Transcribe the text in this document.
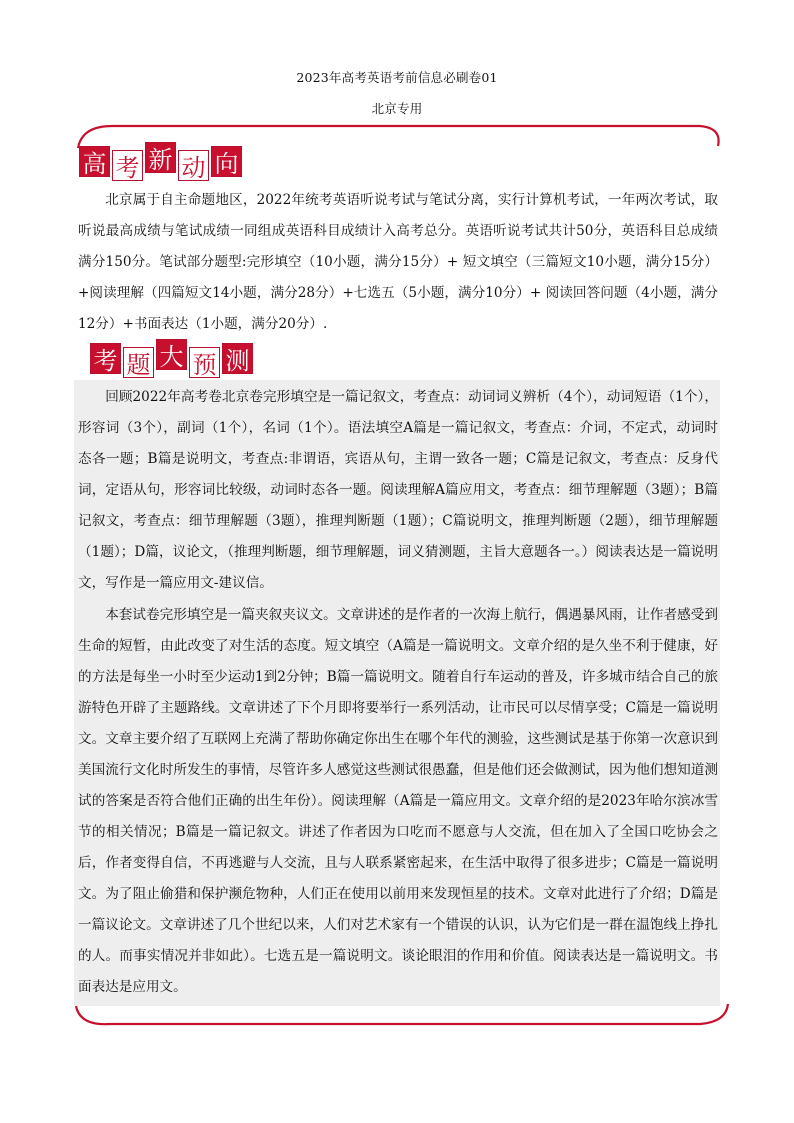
2023年高考英语考前信息必刷卷01
北京专用
高 考 新 动 向

北京属于自主命题地区，2022年统考英语听说考试与笔试分离，实行计算机考试，一年两次考试，取听说最高成绩与笔试成绩一同组成英语科目成绩计入高考总分。英语听说考试共计50分，英语科目总成绩满分150分。笔试部分题型:完形填空（10小题，满分15分）+ 短文填空（三篇短文10小题，满分15分）+阅读理解（四篇短文14小题，满分28分）+七选五（5小题，满分10分）+ 阅读回答问题（4小题，满分12分）+书面表达（1小题，满分20分）.

考 题 大 预 测

回顾2022年高考卷北京卷完形填空是一篇记叙文，考查点：动词词义辨析（4个），动词短语（1个），形容词（3个），副词（1个），名词（1个）。语法填空A篇是一篇记叙文，考查点：介词，不定式，动词时态各一题；B篇是说明文，考查点:非谓语，宾语从句，主谓一致各一题；C篇是记叙文，考查点：反身代词，定语从句，形容词比较级，动词时态各一题。阅读理解A篇应用文，考查点：细节理解题（3题）；B篇记叙文，考查点：细节理解题（3题），推理判断题（1题）；C篇说明文，推理判断题（2题），细节理解题（1题）；D篇，议论文，（推理判断题，细节理解题，词义猜测题，主旨大意题各一。）阅读表达是一篇说明文，写作是一篇应用文-建议信。

本套试卷完形填空是一篇夹叙夹议文。文章讲述的是作者的一次海上航行，偶遇暴风雨，让作者感受到生命的短暂，由此改变了对生活的态度。短文填空（A篇是一篇说明文。文章介绍的是久坐不利于健康，好的方法是每坐一小时至少运动1到2分钟；B篇一篇说明文。随着自行车运动的普及，许多城市结合自己的旅游特色开辟了主题路线。文章讲述了下个月即将要举行一系列活动，让市民可以尽情享受；C篇是一篇说明文。文章主要介绍了互联网上充满了帮助你确定你出生在哪个年代的测验，这些测试是基于你第一次意识到美国流行文化时所发生的事情，尽管许多人感觉这些测试很愚蠢，但是他们还会做测试，因为他们想知道测试的答案是否符合他们正确的出生年份）。阅读理解（A篇是一篇应用文。文章介绍的是2023年哈尔滨冰雪节的相关情况；B篇是一篇记叙文。讲述了作者因为口吃而不愿意与人交流，但在加入了全国口吃协会之后，作者变得自信，不再逃避与人交流，且与人联系紧密起来，在生活中取得了很多进步；C篇是一篇说明文。为了阻止偷猎和保护濒危物种，人们正在使用以前用来发现恒星的技术。文章对此进行了介绍；D篇是一篇议论文。文章讲述了几个世纪以来，人们对艺术家有一个错误的认识，认为它们是一群在温饱线上挣扎的人。而事实情况并非如此）。七选五是一篇说明文。谈论眼泪的作用和价值。阅读表达是一篇说明文。书面表达是应用文。
